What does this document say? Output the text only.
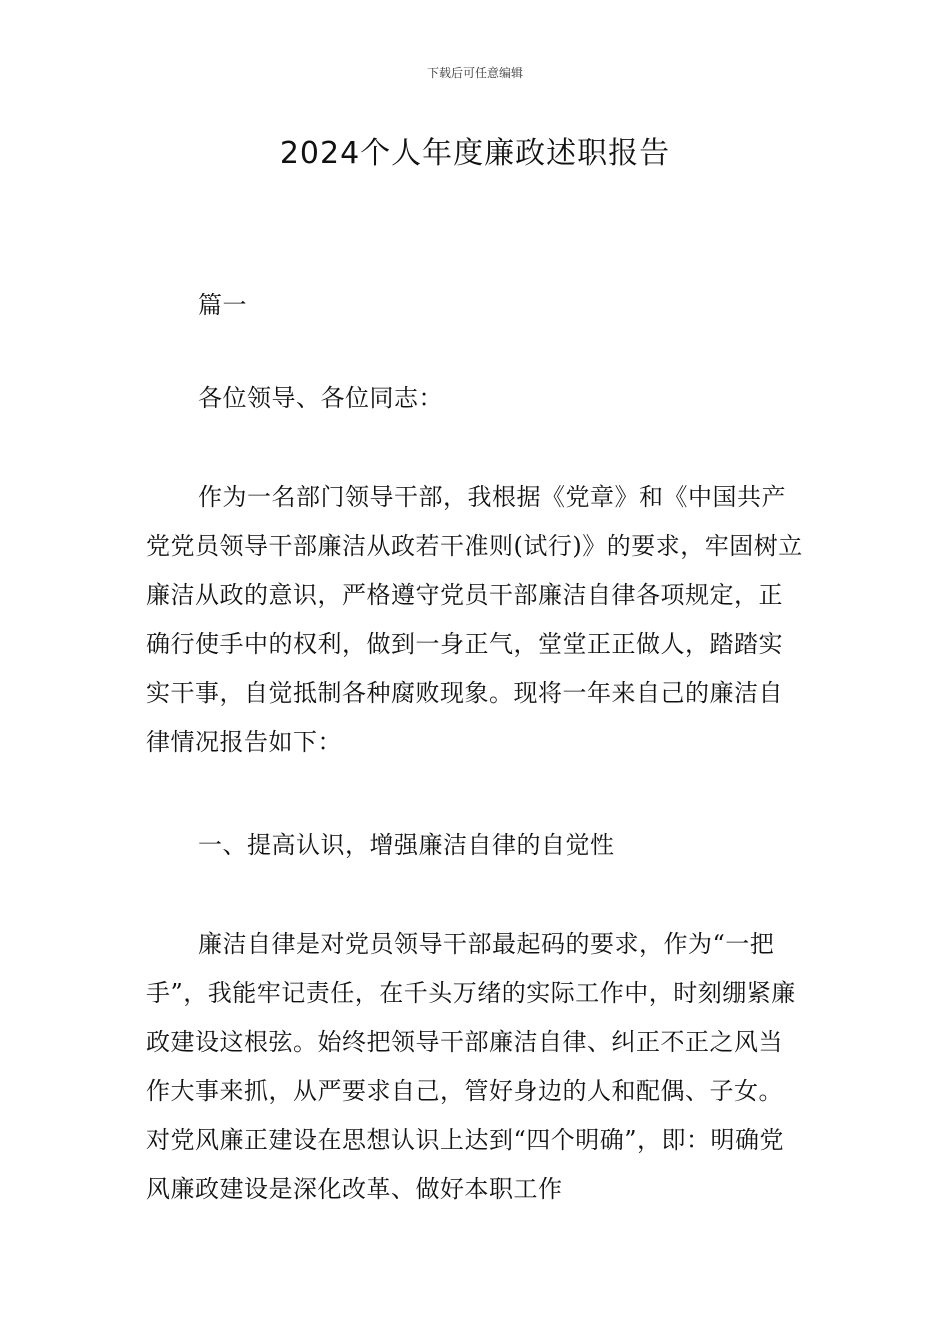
下载后可任意编辑
2024个人年度廉政述职报告

篇一

各位领导、各位同志：

作为一名部门领导干部，我根据《党章》和《中国共产党党员领导干部廉洁从政若干准则(试行)》的要求，牢固树立廉洁从政的意识，严格遵守党员干部廉洁自律各项规定，正确行使手中的权利，做到一身正气，堂堂正正做人，踏踏实实干事，自觉抵制各种腐败现象。现将一年来自己的廉洁自律情况报告如下：

一、提高认识，增强廉洁自律的自觉性

廉洁自律是对党员领导干部最起码的要求，作为“一把手”，我能牢记责任，在千头万绪的实际工作中，时刻绷紧廉政建设这根弦。始终把领导干部廉洁自律、纠正不正之风当作大事来抓，从严要求自己，管好身边的人和配偶、子女。对党风廉正建设在思想认识上达到“四个明确”，即：明确党风廉政建设是深化改革、做好本职工作
